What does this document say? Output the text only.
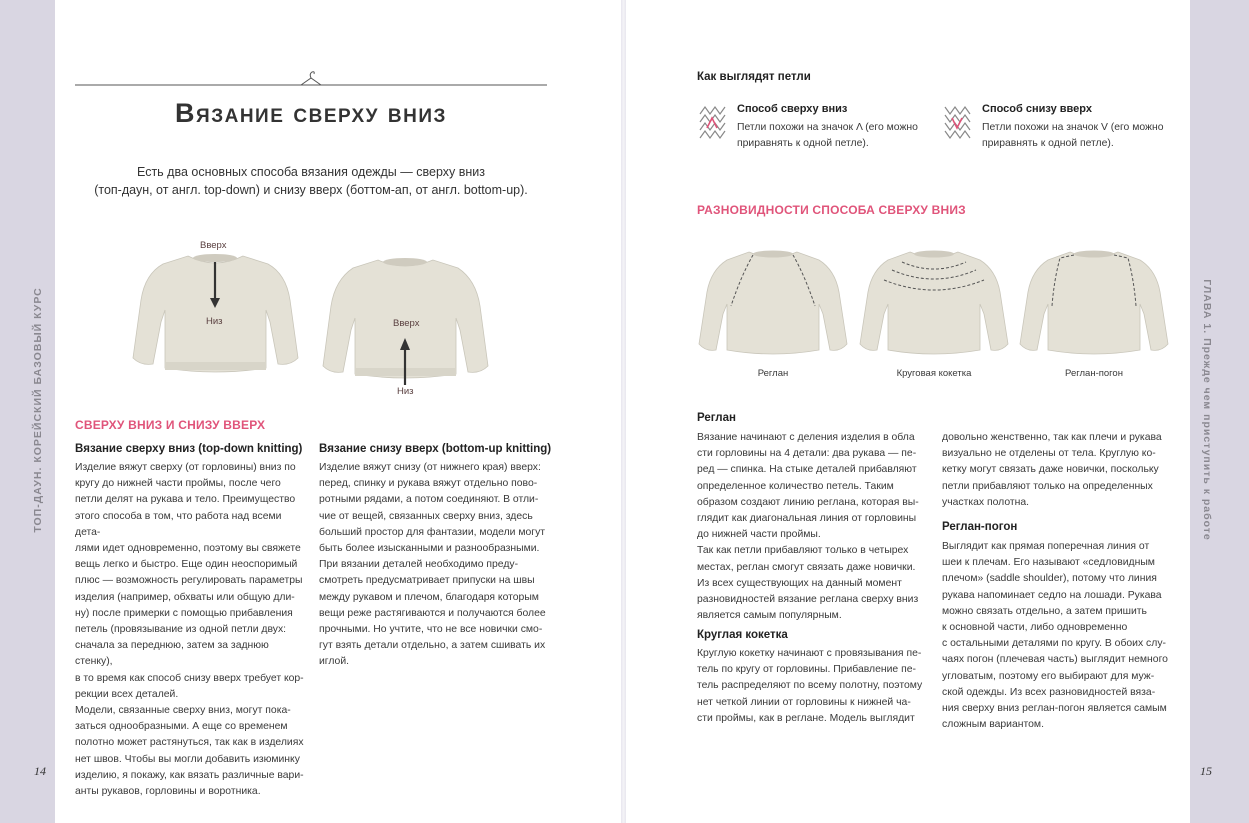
ТОП-ДАУН. КОРЕЙСКИЙ БАЗОВЫЙ КУРС	ГЛАВА 1. Прежде чем приступить к работе
14	15
Вязание сверху вниз
Есть два основных способа вязания одежды — сверху вниз
(топ-даун, от англ. top-down) и снизу вверх (боттом-ап, от англ. bottom-up).
Вверх
Низ	Вверх
Низ
СВЕРХУ ВНИЗ И СНИЗУ ВВЕРХ
Вязание сверху вниз (top-down knitting)

Изделие вяжут сверху (от горловины) вниз по

кругу до нижней части проймы, после чего

петли делят на рукава и тело. Преимущество

этого способа в том, что работа над всеми дета-

лями идет одновременно, поэтому вы свяжете

вещь легко и быстро. Еще один неоспоримый

плюс — возможность регулировать параметры

изделия (например, обхваты или общую дли-

ну) после примерки с помощью прибавления

петель (провязывание из одной петли двух:

сначала за переднюю, затем за заднюю стенку),

в то время как способ снизу вверх требует кор-

рекции всех деталей.

Модели, связанные сверху вниз, могут пока-

заться однообразными. А еще со временем

полотно может растянуться, так как в изделиях

нет швов. Чтобы вы могли добавить изюминку

изделию, я покажу, как вязать различные вари-

анты рукавов, горловины и воротника.

Вязание снизу вверх (bottom-up knitting)

Изделие вяжут снизу (от нижнего края) вверх:

перед, спинку и рукава вяжут отдельно пово-

ротными рядами, а потом соединяют. В отли-

чие от вещей, связанных сверху вниз, здесь

больший простор для фантазии, модели могут

быть более изысканными и разнообразными.

При вязании деталей необходимо преду-

смотреть предусматривает припуски на швы

между рукавом и плечом, благодаря которым

вещи реже растягиваются и получаются более

прочными. Но учтите, что не все новички смо-

гут взять детали отдельно, а затем сшивать их

иглой.

Как выглядят петли
Способ сверху вниз

Петли похожи на значок Λ (его можно

приравнять к одной петле).

Способ снизу вверх

Петли похожи на значок V (его можно

приравнять к одной петле).

РАЗНОВИДНОСТИ СПОСОБА СВЕРХУ ВНИЗ
Реглан	Круговая кокетка	Реглан-погон
Реглан

Вязание начинают с деления изделия в обла

сти горловины на 4 детали: два рукава — пе-

ред — спинка. На стыке деталей прибавляют

определенное количество петель. Таким

образом создают линию реглана, которая вы-

глядит как диагональная линия от горловины

до нижней части проймы.

Так как петли прибавляют только в четырех

местах, реглан смогут связать даже новички.

Из всех существующих на данный момент

разновидностей вязание реглана сверху вниз

является самым популярным.

Круглая кокетка

Круглую кокетку начинают с провязывания пе-

тель по кругу от горловины. Прибавление пе-

тель распределяют по всему полотну, поэтому

нет четкой линии от горловины к нижней ча-

сти проймы, как в реглане. Модель выглядит

довольно женственно, так как плечи и рукава

визуально не отделены от тела. Круглую ко-

кетку могут связать даже новички, поскольку

петли прибавляют только на определенных

участках полотна.

Реглан-погон

Выглядит как прямая поперечная линия от

шеи к плечам. Его называют «седловидным

плечом» (saddle shoulder), потому что линия

рукава напоминает седло на лошади. Рукава

можно связать отдельно, а затем пришить

к основной части, либо одновременно

с остальными деталями по кругу. В обоих слу-

чаях погон (плечевая часть) выглядит немного

угловатым, поэтому его выбирают для муж-

ской одежды. Из всех разновидностей вяза-

ния сверху вниз реглан-погон является самым

сложным вариантом.
